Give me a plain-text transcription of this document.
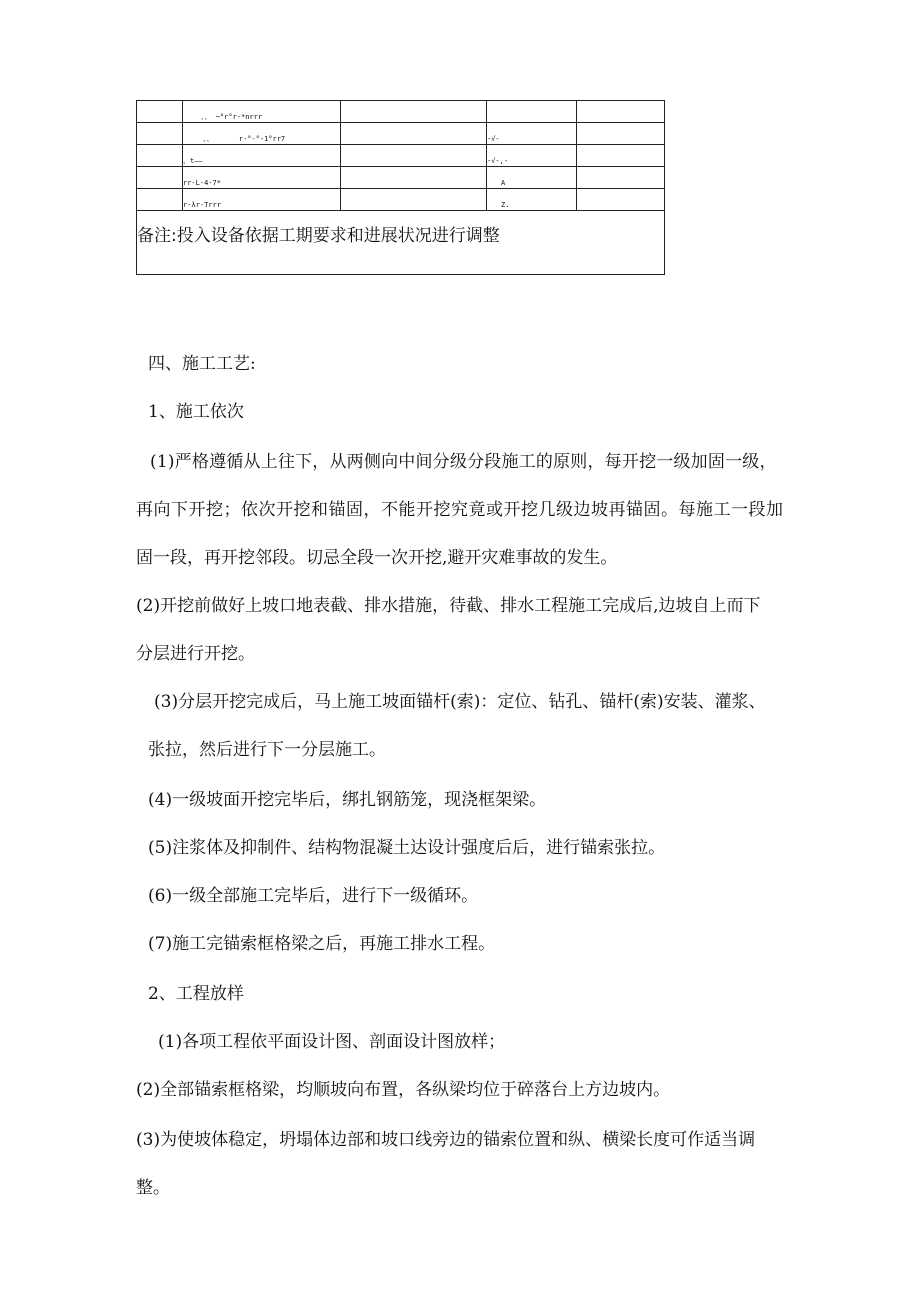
	、、 ~°r°r-*nrrr			
	、、      r-°-°-1°rr7		-√-	
	、t——		-√-,-	
	rr-L-4-7*		A	
	r-λr-Trrr		Z.	
备注:投入设备依据工期要求和进展状况进行调整				

四、施工工艺:

1、施工依次

(1)严格遵循从上往下，从两侧向中间分级分段施工的原则，每开挖一级加固一级，

再向下开挖；依次开挖和锚固，不能开挖究竟或开挖几级边坡再锚固。每施工一段加

固一段，再开挖邻段。切忌全段一次开挖,避开灾难事故的发生。

(2)开挖前做好上坡口地表截、排水措施，待截、排水工程施工完成后,边坡自上而下

分层进行开挖。

(3)分层开挖完成后，马上施工坡面锚杆(索)：定位、钻孔、锚杆(索)安装、灌浆、

张拉，然后进行下一分层施工。

(4)一级坡面开挖完毕后，绑扎钢筋笼，现浇框架梁。

(5)注浆体及抑制件、结构物混凝土达设计强度后后，进行锚索张拉。

(6)一级全部施工完毕后，进行下一级循环。

(7)施工完锚索框格梁之后，再施工排水工程。

2、工程放样

(1)各项工程依平面设计图、剖面设计图放样；

(2)全部锚索框格梁，均顺坡向布置，各纵梁均位于碎落台上方边坡内。

(3)为使坡体稳定，坍塌体边部和坡口线旁边的锚索位置和纵、横梁长度可作适当调

整。
